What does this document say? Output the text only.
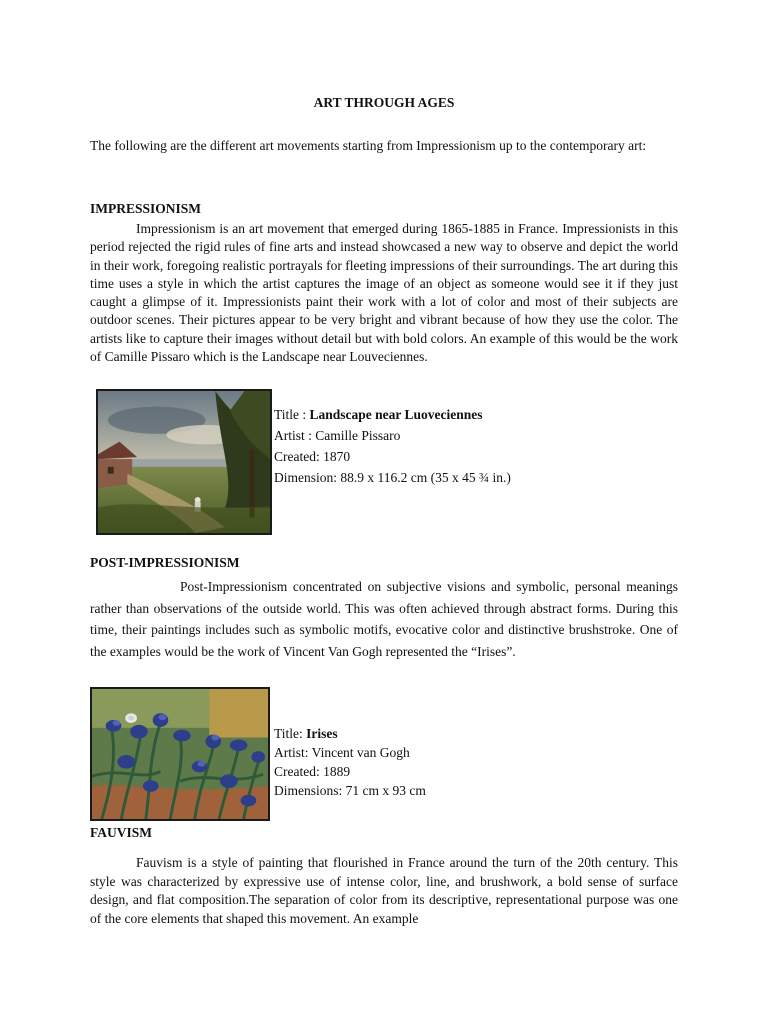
ART THROUGH AGES

The following are the different art movements starting from Impressionism up to the contemporary art:

IMPRESSIONISM

Impressionism is an art movement that emerged during 1865-1885 in France. Impressionists in this period rejected the rigid rules of fine arts and instead showcased a new way to observe and depict the world in their work, foregoing realistic portrayals for fleeting impressions of their surroundings. The art during this time uses a style in which the artist captures the image of an object as someone would see it if they just caught a glimpse of it. Impressionists paint their work with a lot of color and most of their subjects are outdoor scenes. Their pictures appear to be very bright and vibrant because of how they use the color. The artists like to capture their images without detail but with bold colors. An example of this would be the work of Camille Pissaro which is the Landscape near Louveciennes.

Title : Landscape near Luoveciennes
Artist : Camille Pissaro
Created: 1870
Dimension: 88.9 x 116.2 cm (35 x 45 ¾ in.)
POST-IMPRESSIONISM

Post-Impressionism concentrated on subjective visions and symbolic, personal meanings rather than observations of the outside world. This was often achieved through abstract forms. During this time, their paintings includes such as symbolic motifs, evocative color and distinctive brushstroke. One of the examples would be the work of Vincent Van Gogh represented the “Irises”.

Title: Irises
Artist: Vincent van Gogh
Created: 1889
Dimensions: 71 cm x 93 cm
FAUVISM

Fauvism is a style of painting that flourished in France around the turn of the 20th century. This style was characterized by expressive use of intense color, line, and brushwork, a bold sense of surface design, and flat composition.The separation of color from its descriptive, representational purpose was one of the core elements that shaped this movement. An example
